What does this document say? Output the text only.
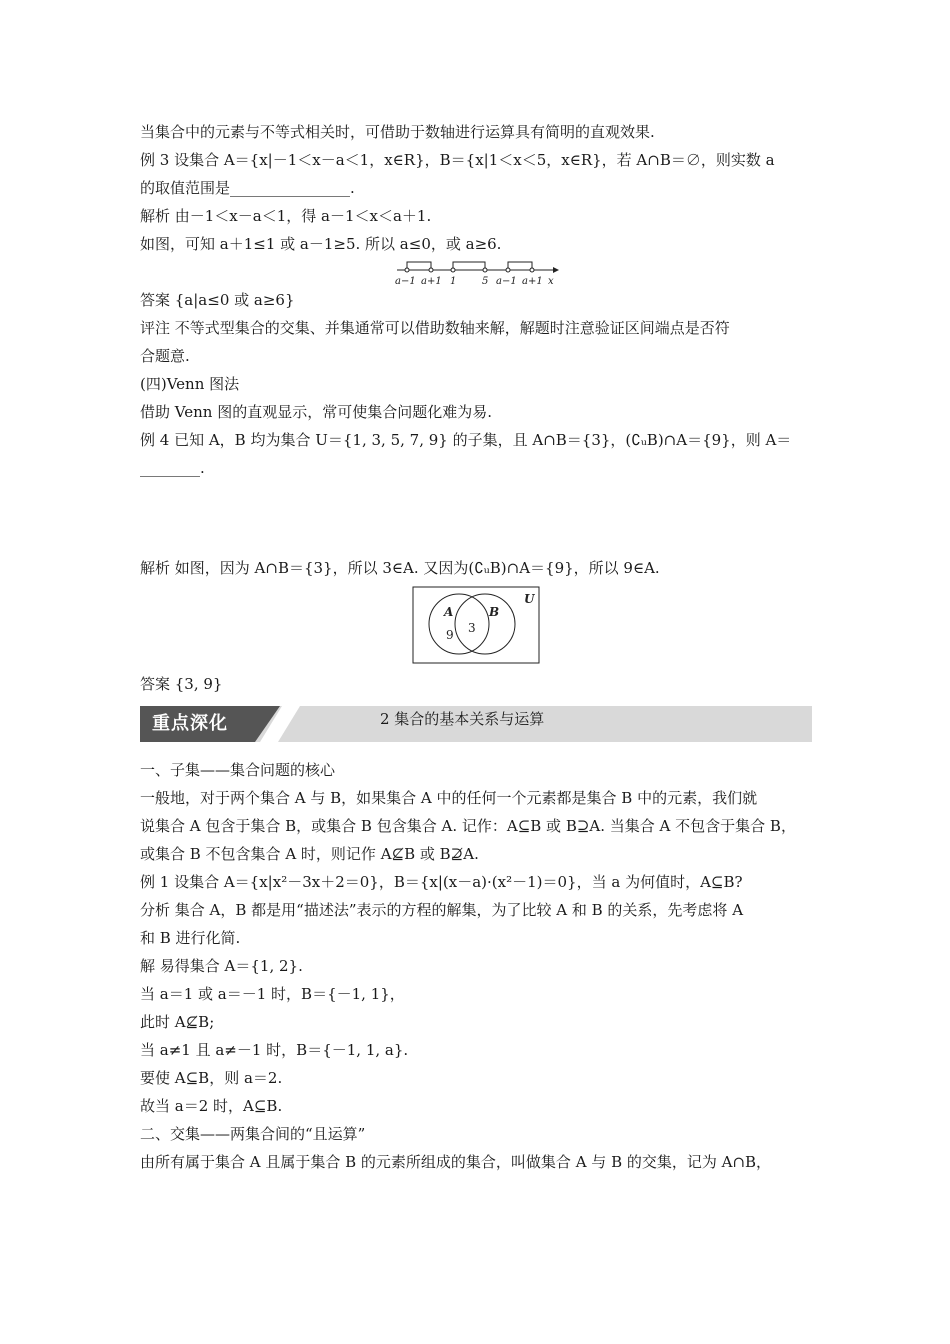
当集合中的元素与不等式相关时，可借助于数轴进行运算具有简明的直观效果.
例 3 设集合 A＝{x|－1＜x－a＜1，x∈R}，B＝{x|1＜x＜5，x∈R}，若 A∩B＝∅，则实数 a
的取值范围是________________.
解析 由－1＜x－a＜1，得 a－1＜x＜a＋1.
如图，可知 a＋1≤1 或 a－1≥5. 所以 a≤0，或 a≥6.
a−1 a+1 1	5 a−1 a+1 x
答案 {a|a≤0 或 a≥6}
评注 不等式型集合的交集、并集通常可以借助数轴来解，解题时注意验证区间端点是否符
合题意.
(四)Venn 图法
借助 Venn 图的直观显示，常可使集合问题化难为易.
例 4 已知 A，B 均为集合 U＝{1, 3, 5, 7, 9} 的子集，且 A∩B＝{3}，(∁ᵤB)∩A＝{9}，则 A＝
________.
解析 如图，因为 A∩B＝{3}，所以 3∈A. 又因为(∁ᵤB)∩A＝{9}，所以 9∈A.
U
A	B
3
9
答案 {3, 9}
重点深化	2 集合的基本关系与运算
一、子集——集合问题的核心
一般地，对于两个集合 A 与 B，如果集合 A 中的任何一个元素都是集合 B 中的元素，我们就
说集合 A 包含于集合 B，或集合 B 包含集合 A. 记作：A⊆B 或 B⊇A. 当集合 A 不包含于集合 B，
或集合 B 不包含集合 A 时，则记作 A⊈B 或 B⊉A.
例 1 设集合 A＝{x|x²－3x＋2＝0}，B＝{x|(x－a)·(x²－1)＝0}，当 a 为何值时，A⊆B?
分析 集合 A，B 都是用“描述法”表示的方程的解集，为了比较 A 和 B 的关系，先考虑将 A
和 B 进行化简.
解 易得集合 A＝{1, 2}.
当 a＝1 或 a＝－1 时，B＝{－1, 1}，
此时 A⊈B;
当 a≠1 且 a≠－1 时，B＝{－1, 1, a}.
要使 A⊆B，则 a＝2.
故当 a＝2 时，A⊆B.
二、交集——两集合间的“且运算”
由所有属于集合 A 且属于集合 B 的元素所组成的集合，叫做集合 A 与 B 的交集，记为 A∩B，
